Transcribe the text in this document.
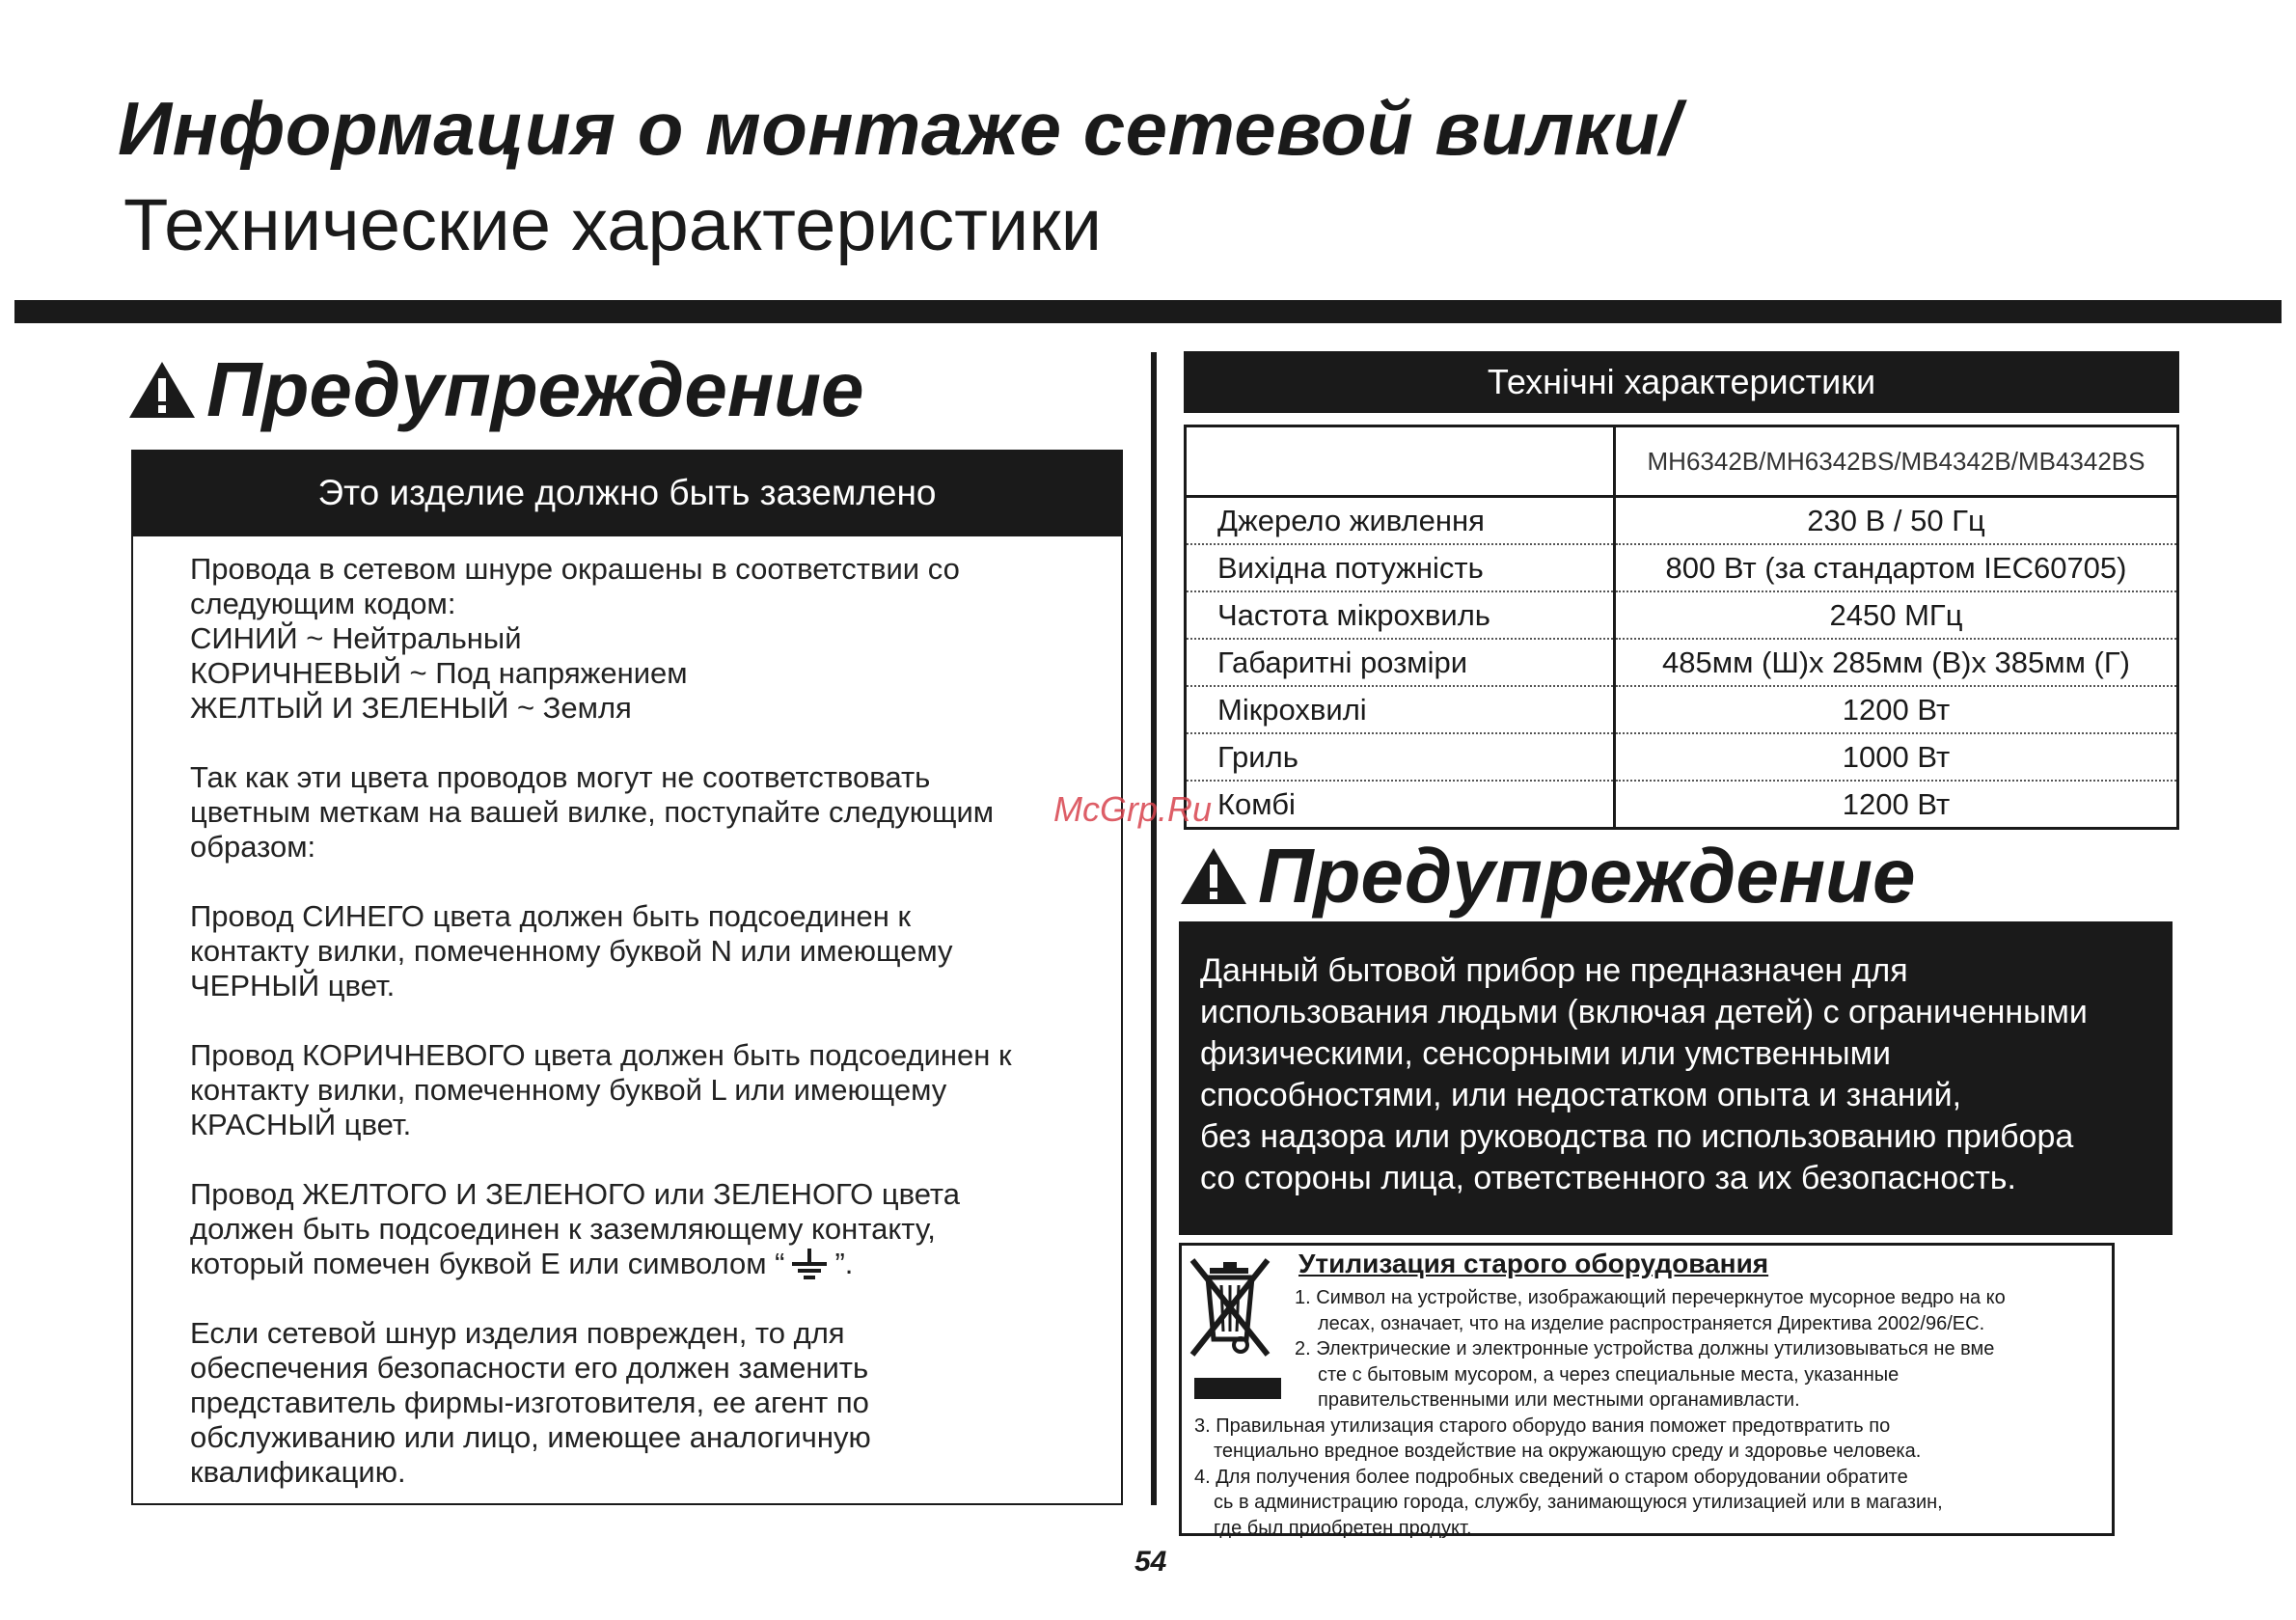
Информация о монтаже сетевой вилки/
Технические характеристики
Предупреждение
Это изделие должно быть заземлено

Провода в сетевом шнуре окрашены в соответствии со
следующим кодом:
СИНИЙ ~ Нейтральный
КОРИЧНЕВЫЙ ~ Под напряжением
ЖЕЛТЫЙ И ЗЕЛЕНЫЙ ~ Земля

Так как эти цвета проводов могут не соответствовать
цветным меткам на вашей вилке, поступайте следующим
образом:

Провод СИНЕГО цвета должен быть подсоединен к
контакту вилки, помеченному буквой N или имеющему
ЧЕРНЫЙ цвет.

Провод КОРИЧНЕВОГО цвета должен быть подсоединен к
контакту вилки, помеченному буквой L или имеющему
КРАСНЫЙ цвет.

Провод ЖЕЛТОГО И ЗЕЛЕНОГО или ЗЕЛЕНОГО цвета
должен быть подсоединен к заземляющему контакту,
который помечен буквой Е или символом “ ”.

Если сетевой шнур изделия поврежден, то для
обеспечения безопасности его должен заменить
представитель фирмы-изготовителя, ее агент по
обслуживанию или лицо, имеющее аналогичную
квалификацию.

Технічні характеристики
	MH6342B/MH6342BS/MB4342B/MB4342BS
Джерело живлення	230 В / 50 Гц
Вихідна потужність	800 Вт (за стандартом IEC60705)
Частота мікрохвиль	2450 МГц
Габаритні розміри	485мм (Ш)х 285мм (В)х 385мм (Г)
Мікрохвилі	1200 Вт
Гриль	1000 Вт
Комбі	1200 Вт
McGrp.Ru
Предупреждение
Данный бытовой прибор не предназначен для
использования людьми (включая детей) с ограниченными
физическими, сенсорными или умственными
способностями, или недостатком опыта и знаний,
без надзора или руководства по использованию прибора
со стороны лица, ответственного за их безопасность.
Утилизация старого оборудования
1. Символ на устройстве, изображающий перечеркнутое мусорное ведро на ко
лесах, означает, что на изделие распространяется Директива 2002/96/EC.
2. Электрические и электронные устройства должны утилизовываться не вме
сте с бытовым мусором, а через специальные места, указанные
правительственными или местными органамивласти.
3. Правильная утилизация старого оборудо вания поможет предотвратить по
тенциально вредное воздействие на окружающую среду и здоровье человека.
4. Для получения более подробных сведений о старом оборудовании обратите
сь в администрацию города, службу, занимающуюся утилизацией или в магазин,
где был приобретен продукт.
54
